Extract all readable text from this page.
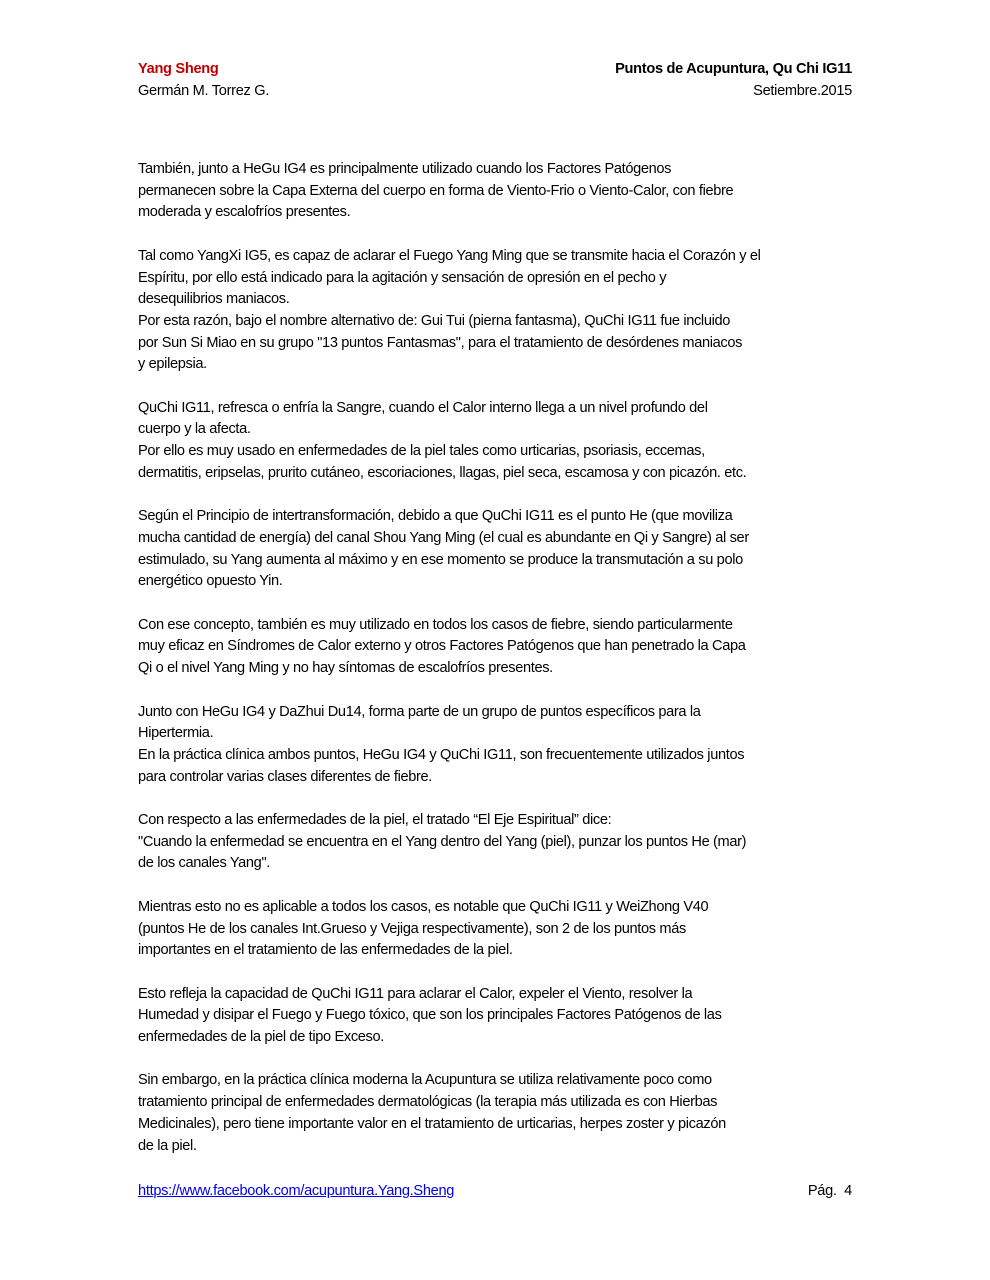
Yang Sheng	Puntos de Acupuntura, Qu Chi IG11
Germán M. Torrez G.	Setiembre.2015
También, junto a HeGu IG4 es principalmente utilizado cuando los Factores Patógenos
permanecen sobre la Capa Externa del cuerpo en forma de Viento-Frio o Viento-Calor, con fiebre
moderada y escalofríos presentes.
Tal como YangXi IG5, es capaz de aclarar el Fuego Yang Ming que se transmite hacia el Corazón y el
Espíritu, por ello está indicado para la agitación y sensación de opresión en el pecho y
desequilibrios maniacos.
Por esta razón, bajo el nombre alternativo de: Gui Tui (pierna fantasma), QuChi IG11 fue incluido
por Sun Si Miao en su grupo "13 puntos Fantasmas", para el tratamiento de desórdenes maniacos
y epilepsia.
QuChi IG11, refresca o enfría la Sangre, cuando el Calor interno llega a un nivel profundo del
cuerpo y la afecta.
Por ello es muy usado en enfermedades de la piel tales como urticarias, psoriasis, eccemas,
dermatitis, eripselas, prurito cutáneo, escoriaciones, llagas, piel seca, escamosa y con picazón. etc.
Según el Principio de intertransformación, debido a que QuChi IG11 es el punto He (que moviliza
mucha cantidad de energía) del canal Shou Yang Ming (el cual es abundante en Qi y Sangre) al ser
estimulado, su Yang aumenta al máximo y en ese momento se produce la transmutación a su polo
energético opuesto Yin.
Con ese concepto, también es muy utilizado en todos los casos de fiebre, siendo particularmente
muy eficaz en Síndromes de Calor externo y otros Factores Patógenos que han penetrado la Capa
Qi o el nivel Yang Ming y no hay síntomas de escalofríos presentes.
Junto con HeGu IG4 y DaZhui Du14, forma parte de un grupo de puntos específicos para la
Hipertermia.
En la práctica clínica ambos puntos, HeGu IG4 y QuChi IG11, son frecuentemente utilizados juntos
para controlar varias clases diferentes de fiebre.
Con respecto a las enfermedades de la piel, el tratado “El Eje Espiritual” dice:
"Cuando la enfermedad se encuentra en el Yang dentro del Yang (piel), punzar los puntos He (mar)
de los canales Yang".
Mientras esto no es aplicable a todos los casos, es notable que QuChi IG11 y WeiZhong V40
(puntos He de los canales Int.Grueso y Vejiga respectivamente), son 2 de los puntos más
importantes en el tratamiento de las enfermedades de la piel.
Esto refleja la capacidad de QuChi IG11 para aclarar el Calor, expeler el Viento, resolver la
Humedad y disipar el Fuego y Fuego tóxico, que son los principales Factores Patógenos de las
enfermedades de la piel de tipo Exceso.
Sin embargo, en la práctica clínica moderna la Acupuntura se utiliza relativamente poco como
tratamiento principal de enfermedades dermatológicas (la terapia más utilizada es con Hierbas
Medicinales), pero tiene importante valor en el tratamiento de urticarias, herpes zoster y picazón
de la piel.
https://www.facebook.com/acupuntura.Yang.Sheng	Pág.  4
